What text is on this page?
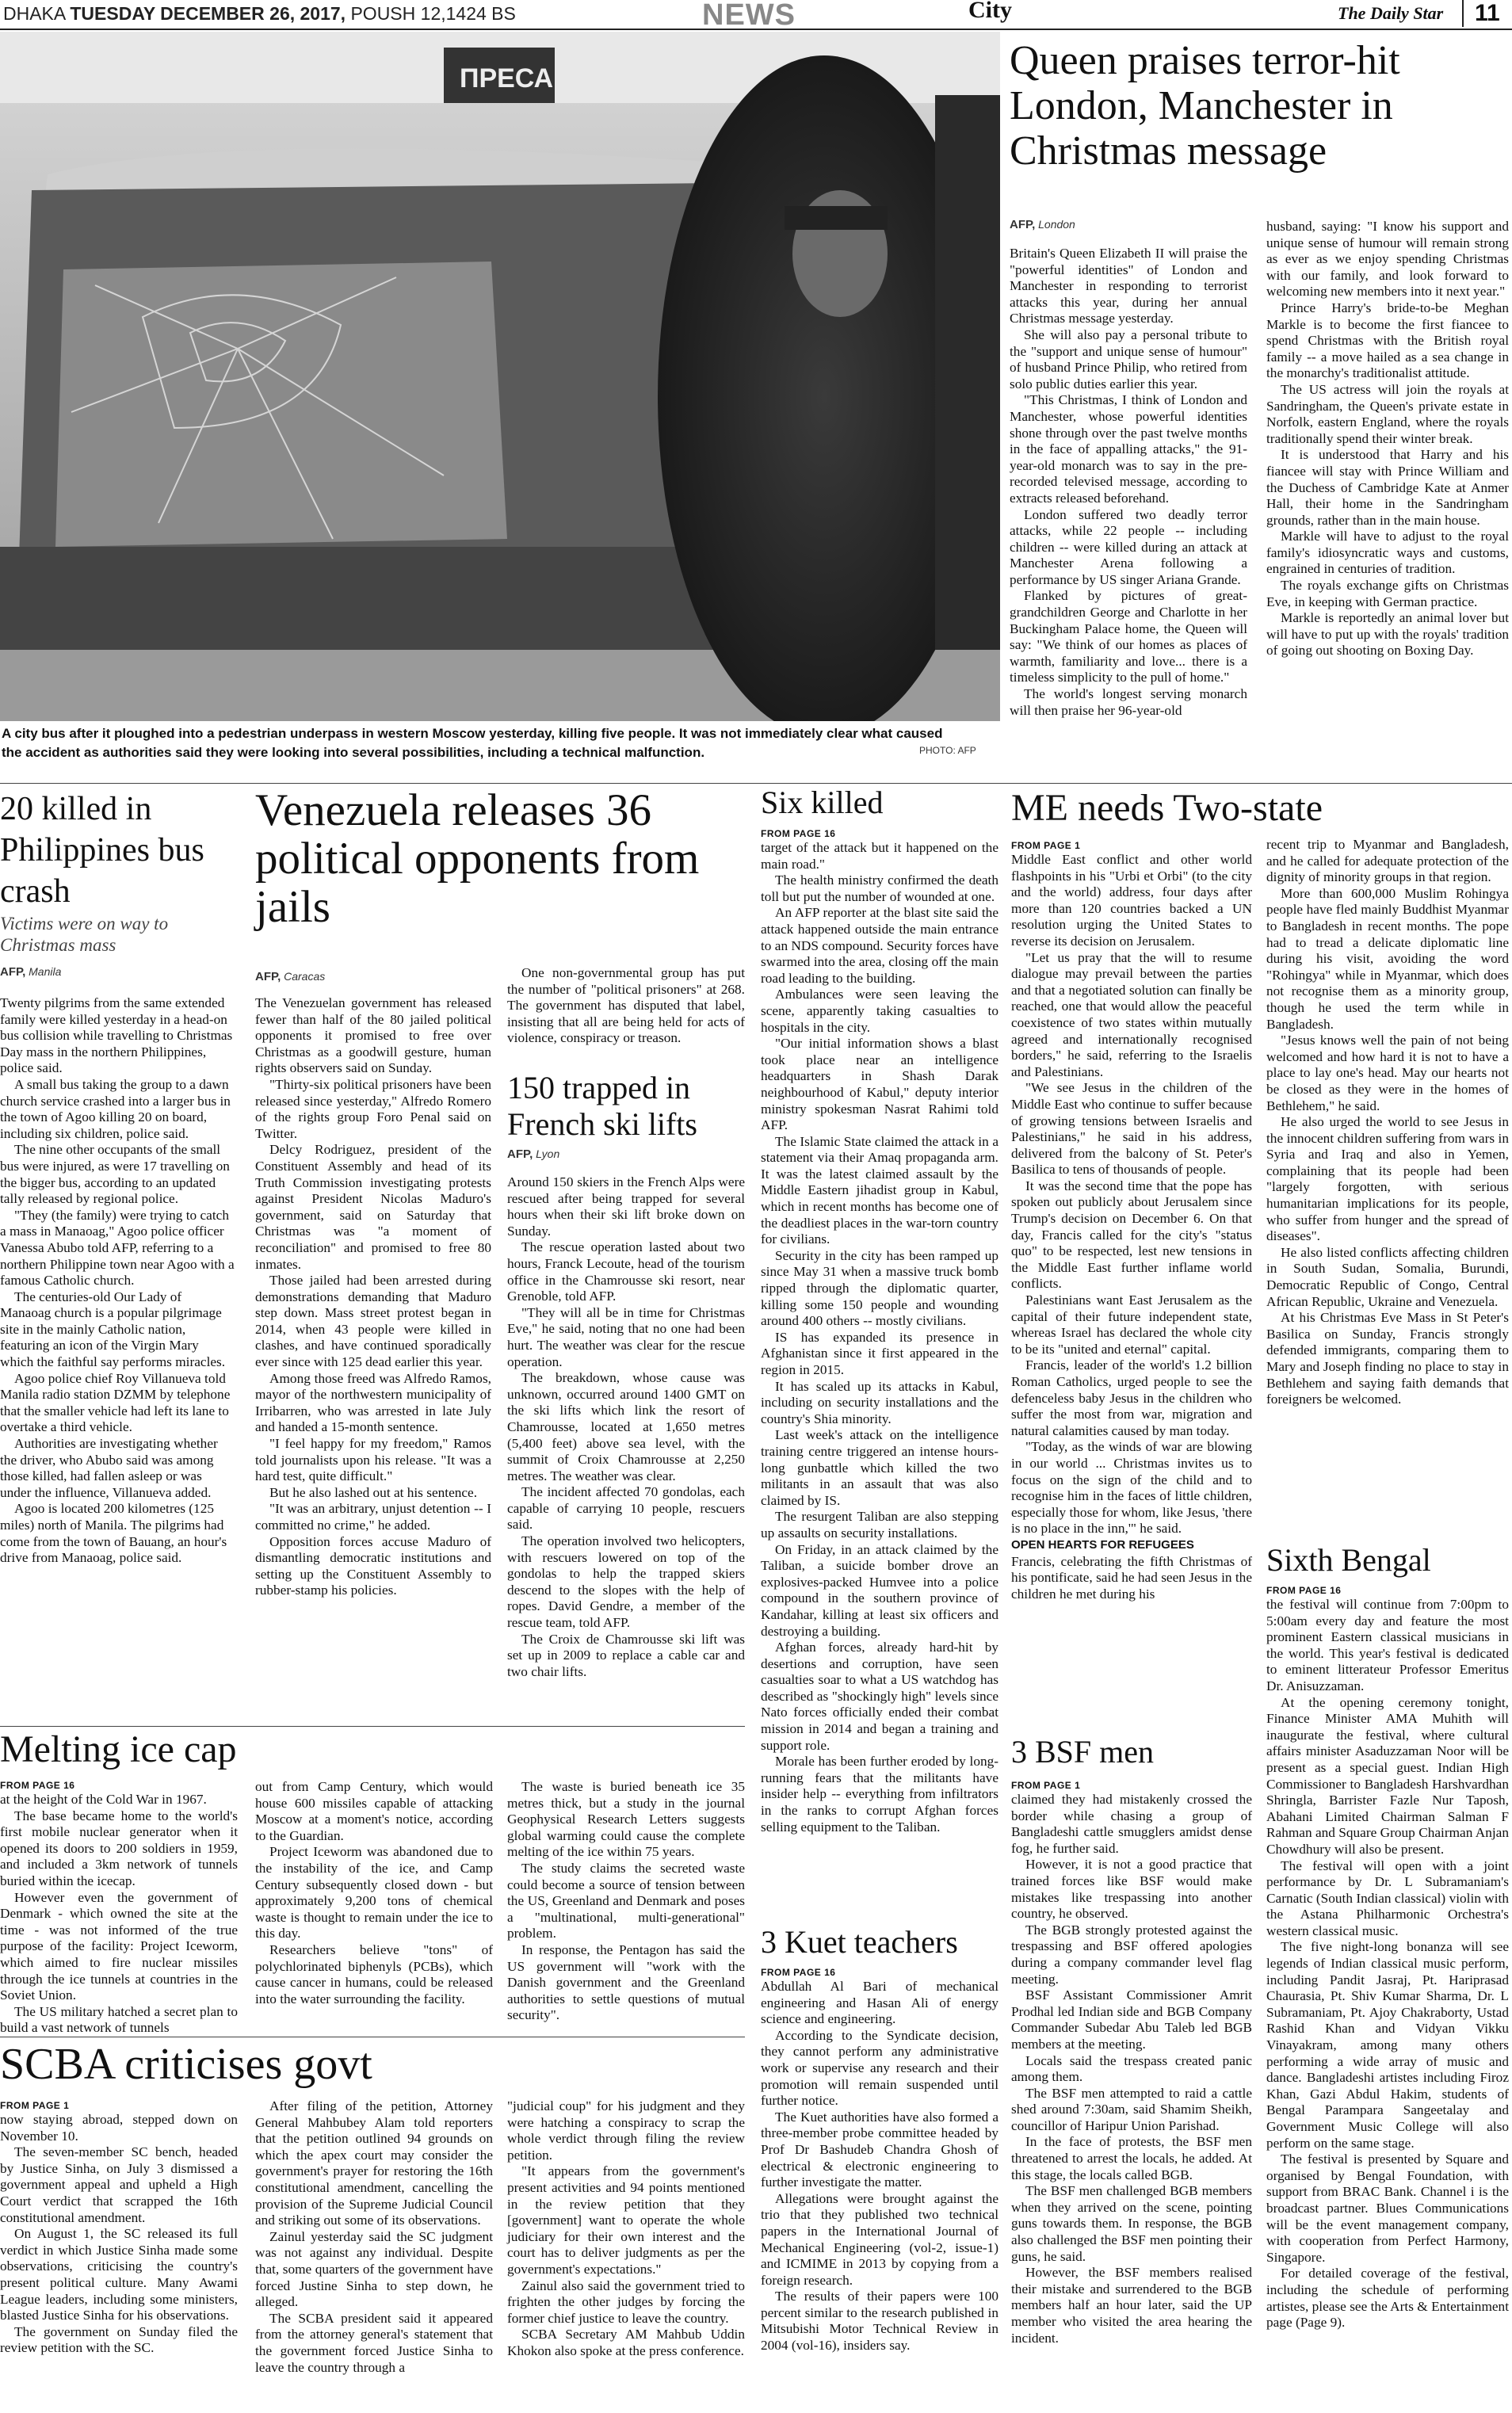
DHAKA TUESDAY DECEMBER 26, 2017, POUSH 12,1424 BS	NEWS	City	The Daily Star	11
ПРЕСА
A city bus after it ploughed into a pedestrian underpass in western Moscow yesterday, killing five people. It was not immediately clear what caused the accident as authorities said they were looking into several possibilities, including a technical malfunction.	PHOTO: AFP
Queen praises terror-hit London, Manchester in Christmas message
AFP, London

Britain's Queen Elizabeth II will praise the "powerful identities" of London and Manchester in responding to terrorist attacks this year, during her annual Christmas message yesterday.

She will also pay a personal tribute to the "support and unique sense of humour" of husband Prince Philip, who retired from solo public duties earlier this year.

"This Christmas, I think of London and Manchester, whose powerful identities shone through over the past twelve months in the face of appalling attacks," the 91-year-old monarch was to say in the pre-recorded televised message, according to extracts released beforehand.

London suffered two deadly terror attacks, while 22 people -- including children -- were killed during an attack at Manchester Arena following a performance by US singer Ariana Grande.

Flanked by pictures of great-grandchildren George and Charlotte in her Buckingham Palace home, the Queen will say: "We think of our homes as places of warmth, familiarity and love... there is a timeless simplicity to the pull of home."

The world's longest serving monarch will then praise her 96-year-old

husband, saying: "I know his support and unique sense of humour will remain strong as ever as we enjoy spending Christmas with our family, and look forward to welcoming new members into it next year."

Prince Harry's bride-to-be Meghan Markle is to become the first fiancee to spend Christmas with the British royal family -- a move hailed as a sea change in the monarchy's traditionalist attitude.

The US actress will join the royals at Sandringham, the Queen's private estate in Norfolk, eastern England, where the royals traditionally spend their winter break.

It is understood that Harry and his fiancee will stay with Prince William and the Duchess of Cambridge Kate at Anmer Hall, their home in the Sandringham grounds, rather than in the main house.

Markle will have to adjust to the royal family's idiosyncratic ways and customs, engrained in centuries of tradition.

The royals exchange gifts on Christmas Eve, in keeping with German practice.

Markle is reportedly an animal lover but will have to put up with the royals' tradition of going out shooting on Boxing Day.

20 killed in Philippines bus crash
Victims were on way to Christmas mass
AFP, Manila

Twenty pilgrims from the same extended family were killed yesterday in a head-on bus collision while travelling to Christmas Day mass in the northern Philippines, police said.

A small bus taking the group to a dawn church service crashed into a larger bus in the town of Agoo killing 20 on board, including six children, police said.

The nine other occupants of the small bus were injured, as were 17 travelling on the bigger bus, according to an updated tally released by regional police.

"They (the family) were trying to catch a mass in Manaoag," Agoo police officer Vanessa Abubo told AFP, referring to a northern Philippine town near Agoo with a famous Catholic church.

The centuries-old Our Lady of Manaoag church is a popular pilgrimage site in the mainly Catholic nation, featuring an icon of the Virgin Mary which the faithful say performs miracles.

Agoo police chief Roy Villanueva told Manila radio station DZMM by telephone that the smaller vehicle had left its lane to overtake a third vehicle.

Authorities are investigating whether the driver, who Abubo said was among those killed, had fallen asleep or was under the influence, Villanueva added.

Agoo is located 200 kilometres (125 miles) north of Manila. The pilgrims had come from the town of Bauang, an hour's drive from Manaoag, police said.

Venezuela releases 36 political opponents from jails
AFP, Caracas

The Venezuelan government has released fewer than half of the 80 jailed political opponents it promised to free over Christmas as a goodwill gesture, human rights observers said on Sunday.

"Thirty-six political prisoners have been released since yesterday," Alfredo Romero of the rights group Foro Penal said on Twitter.

Delcy Rodriguez, president of the Constituent Assembly and head of its Truth Commission investigating protests against President Nicolas Maduro's government, said on Saturday that Christmas was "a moment of reconciliation" and promised to free 80 inmates.

Those jailed had been arrested during demonstrations demanding that Maduro step down. Mass street protest began in 2014, when 43 people were killed in clashes, and have continued sporadically ever since with 125 dead earlier this year.

Among those freed was Alfredo Ramos, mayor of the northwestern municipality of Irribarren, who was arrested in late July and handed a 15-month sentence.

"I feel happy for my freedom," Ramos told journalists upon his release. "It was a hard test, quite difficult."

But he also lashed out at his sentence.

"It was an arbitrary, unjust detention -- I committed no crime," he added.

Opposition forces accuse Maduro of dismantling democratic institutions and setting up the Constituent Assembly to rubber-stamp his policies.

One non-governmental group has put the number of "political prisoners" at 268. The government has disputed that label, insisting that all are being held for acts of violence, conspiracy or treason.

150 trapped in French ski lifts
AFP, Lyon

Around 150 skiers in the French Alps were rescued after being trapped for several hours when their ski lift broke down on Sunday.

The rescue operation lasted about two hours, Franck Lecoute, head of the tourism office in the Chamrousse ski resort, near Grenoble, told AFP.

"They will all be in time for Christmas Eve," he said, noting that no one had been hurt. The weather was clear for the rescue operation.

The breakdown, whose cause was unknown, occurred around 1400 GMT on the ski lifts which link the resort of Chamrousse, located at 1,650 metres (5,400 feet) above sea level, with the summit of Croix Chamrousse at 2,250 metres. The weather was clear.

The incident affected 70 gondolas, each capable of carrying 10 people, rescuers said.

The operation involved two helicopters, with rescuers lowered on top of the gondolas to help the trapped skiers descend to the slopes with the help of ropes. David Gendre, a member of the rescue team, told AFP.

The Croix de Chamrousse ski lift was set up in 2009 to replace a cable car and two chair lifts.

Six killed
FROM PAGE 16

target of the attack but it happened on the main road."

The health ministry confirmed the death toll but put the number of wounded at one.

An AFP reporter at the blast site said the attack happened outside the main entrance to an NDS compound. Security forces have swarmed into the area, closing off the main road leading to the building.

Ambulances were seen leaving the scene, apparently taking casualties to hospitals in the city.

"Our initial information shows a blast took place near an intelligence headquarters in Shash Darak neighbourhood of Kabul," deputy interior ministry spokesman Nasrat Rahimi told AFP.

The Islamic State claimed the attack in a statement via their Amaq propaganda arm. It was the latest claimed assault by the Middle Eastern jihadist group in Kabul, which in recent months has become one of the deadliest places in the war-torn country for civilians.

Security in the city has been ramped up since May 31 when a massive truck bomb ripped through the diplomatic quarter, killing some 150 people and wounding around 400 others -- mostly civilians.

IS has expanded its presence in Afghanistan since it first appeared in the region in 2015.

It has scaled up its attacks in Kabul, including on security installations and the country's Shia minority.

Last week's attack on the intelligence training centre triggered an intense hours-long gunbattle which killed the two militants in an assault that was also claimed by IS.

The resurgent Taliban are also stepping up assaults on security installations.

On Friday, in an attack claimed by the Taliban, a suicide bomber drove an explosives-packed Humvee into a police compound in the southern province of Kandahar, killing at least six officers and destroying a building.

Afghan forces, already hard-hit by desertions and corruption, have seen casualties soar to what a US watchdog has described as "shockingly high" levels since Nato forces officially ended their combat mission in 2014 and began a training and support role.

Morale has been further eroded by long-running fears that the militants have insider help -- everything from infiltrators in the ranks to corrupt Afghan forces selling equipment to the Taliban.

3 Kuet teachers
FROM PAGE 16

Abdullah Al Bari of mechanical engineering and Hasan Ali of energy science and engineering.

According to the Syndicate decision, they cannot perform any administrative work or supervise any research and their promotion will remain suspended until further notice.

The Kuet authorities have also formed a three-member probe committee headed by Prof Dr Bashudeb Chandra Ghosh of electrical & electronic engineering to further investigate the matter.

Allegations were brought against the trio that they published two technical papers in the International Journal of Mechanical Engineering (vol-2, issue-1) and ICMIME in 2013 by copying from a foreign research.

The results of their papers were 100 percent similar to the research published in Mitsubishi Motor Technical Review in 2004 (vol-16), insiders say.

ME needs Two-state
FROM PAGE 1

Middle East conflict and other world flashpoints in his "Urbi et Orbi" (to the city and the world) address, four days after more than 120 countries backed a UN resolution urging the United States to reverse its decision on Jerusalem.

"Let us pray that the will to resume dialogue may prevail between the parties and that a negotiated solution can finally be reached, one that would allow the peaceful coexistence of two states within mutually agreed and internationally recognised borders," he said, referring to the Israelis and Palestinians.

"We see Jesus in the children of the Middle East who continue to suffer because of growing tensions between Israelis and Palestinians," he said in his address, delivered from the balcony of St. Peter's Basilica to tens of thousands of people.

It was the second time that the pope has spoken out publicly about Jerusalem since Trump's decision on December 6. On that day, Francis called for the city's "status quo" to be respected, lest new tensions in the Middle East further inflame world conflicts.

Palestinians want East Jerusalem as the capital of their future independent state, whereas Israel has declared the whole city to be its "united and eternal" capital.

Francis, leader of the world's 1.2 billion Roman Catholics, urged people to see the defenceless baby Jesus in the children who suffer the most from war, migration and natural calamities caused by man today.

"Today, as the winds of war are blowing in our world ... Christmas invites us to focus on the sign of the child and to recognise him in the faces of little children, especially those for whom, like Jesus, 'there is no place in the inn,'" he said.

OPEN HEARTS FOR REFUGEES

Francis, celebrating the fifth Christmas of his pontificate, said he had seen Jesus in the children he met during his

recent trip to Myanmar and Bangladesh, and he called for adequate protection of the dignity of minority groups in that region.

More than 600,000 Muslim Rohingya people have fled mainly Buddhist Myanmar to Bangladesh in recent months. The pope had to tread a delicate diplomatic line during his visit, avoiding the word "Rohingya" while in Myanmar, which does not recognise them as a minority group, though he used the term while in Bangladesh.

"Jesus knows well the pain of not being welcomed and how hard it is not to have a place to lay one's head. May our hearts not be closed as they were in the homes of Bethlehem," he said.

He also urged the world to see Jesus in the innocent children suffering from wars in Syria and Iraq and also in Yemen, complaining that its people had been "largely forgotten, with serious humanitarian implications for its people, who suffer from hunger and the spread of diseases".

He also listed conflicts affecting children in South Sudan, Somalia, Burundi, Democratic Republic of Congo, Central African Republic, Ukraine and Venezuela.

At his Christmas Eve Mass in St Peter's Basilica on Sunday, Francis strongly defended immigrants, comparing them to Mary and Joseph finding no place to stay in Bethlehem and saying faith demands that foreigners be welcomed.

Sixth Bengal
FROM PAGE 16

the festival will continue from 7:00pm to 5:00am every day and feature the most prominent Eastern classical musicians in the world. This year's festival is dedicated to eminent litterateur Professor Emeritus Dr. Anisuzzaman.

At the opening ceremony tonight, Finance Minister AMA Muhith will inaugurate the festival, where cultural affairs minister Asaduzzaman Noor will be present as a special guest. Indian High Commissioner to Bangladesh Harshvardhan Shringla, Barrister Fazle Nur Taposh, Abahani Limited Chairman Salman F Rahman and Square Group Chairman Anjan Chowdhury will also be present.

The festival will open with a joint performance by Dr. L Subramaniam's Carnatic (South Indian classical) violin with the Astana Philharmonic Orchestra's western classical music.

The five night-long bonanza will see legends of Indian classical music perform, including Pandit Jasraj, Pt. Hariprasad Chaurasia, Pt. Shiv Kumar Sharma, Dr. L Subramaniam, Pt. Ajoy Chakraborty, Ustad Rashid Khan and Vidyan Vikku Vinayakram, among many others performing a wide array of music and dance. Bangladeshi artistes including Firoz Khan, Gazi Abdul Hakim, students of Bengal Parampara Sangeetalay and Government Music College will also perform on the same stage.

The festival is presented by Square and organised by Bengal Foundation, with support from BRAC Bank. Channel i is the broadcast partner. Blues Communications will be the event management company, with cooperation from Perfect Harmony, Singapore.

For detailed coverage of the festival, including the schedule of performing artistes, please see the Arts & Entertainment page (Page 9).

3 BSF men
FROM PAGE 1

claimed they had mistakenly crossed the border while chasing a group of Bangladeshi cattle smugglers amidst dense fog, he further said.

However, it is not a good practice that trained forces like BSF would make mistakes like trespassing into another country, he observed.

The BGB strongly protested against the trespassing and BSF offered apologies during a company commander level flag meeting.

BSF Assistant Commissioner Amrit Prodhal led Indian side and BGB Company Commander Subedar Abu Taleb led BGB members at the meeting.

Locals said the trespass created panic among them.

The BSF men attempted to raid a cattle shed around 7:30am, said Shamim Sheikh, councillor of Haripur Union Parishad.

In the face of protests, the BSF men threatened to arrest the locals, he added. At this stage, the locals called BGB.

The BSF men challenged BGB members when they arrived on the scene, pointing guns towards them. In response, the BGB also challenged the BSF men pointing their guns, he said.

However, the BSF members realised their mistake and surrendered to the BGB members half an hour later, said the UP member who visited the area hearing the incident.

Melting ice cap
FROM PAGE 16

at the height of the Cold War in 1967.

The base became home to the world's first mobile nuclear generator when it opened its doors to 200 soldiers in 1959, and included a 3km network of tunnels buried within the icecap.

However even the government of Denmark - which owned the site at the time - was not informed of the true purpose of the facility: Project Iceworm, which aimed to fire nuclear missiles through the ice tunnels at countries in the Soviet Union.

The US military hatched a secret plan to build a vast network of tunnels

out from Camp Century, which would house 600 missiles capable of attacking Moscow at a moment's notice, according to the Guardian.

Project Iceworm was abandoned due to the instability of the ice, and Camp Century subsequently closed down - but approximately 9,200 tons of chemical waste is thought to remain under the ice to this day.

Researchers believe "tons" of polychlorinated biphenyls (PCBs), which cause cancer in humans, could be released into the water surrounding the facility.

The waste is buried beneath ice 35 metres thick, but a study in the journal Geophysical Research Letters suggests global warming could cause the complete melting of the ice within 75 years.

The study claims the secreted waste could become a source of tension between the US, Greenland and Denmark and poses a "multinational, multi-generational" problem.

In response, the Pentagon has said the US government will "work with the Danish government and the Greenland authorities to settle questions of mutual security".

SCBA criticises govt
FROM PAGE 1

now staying abroad, stepped down on November 10.

The seven-member SC bench, headed by Justice Sinha, on July 3 dismissed a government appeal and upheld a High Court verdict that scrapped the 16th constitutional amendment.

On August 1, the SC released its full verdict in which Justice Sinha made some observations, criticising the country's present political culture. Many Awami League leaders, including some ministers, blasted Justice Sinha for his observations.

The government on Sunday filed the review petition with the SC.

After filing of the petition, Attorney General Mahbubey Alam told reporters that the petition outlined 94 grounds on which the apex court may consider the government's prayer for restoring the 16th constitutional amendment, cancelling the provision of the Supreme Judicial Council and striking out some of its observations.

Zainul yesterday said the SC judgment was not against any individual. Despite that, some quarters of the government have forced Justine Sinha to step down, he alleged.

The SCBA president said it appeared from the attorney general's statement that the government forced Justice Sinha to leave the country through a

"judicial coup" for his judgment and they were hatching a conspiracy to scrap the whole verdict through filing the review petition.

"It appears from the government's present activities and 94 points mentioned in the review petition that they [government] want to operate the whole judiciary for their own interest and the court has to deliver judgments as per the government's expectations."

Zainul also said the government tried to frighten the other judges by forcing the former chief justice to leave the country.

SCBA Secretary AM Mahbub Uddin Khokon also spoke at the press conference.
